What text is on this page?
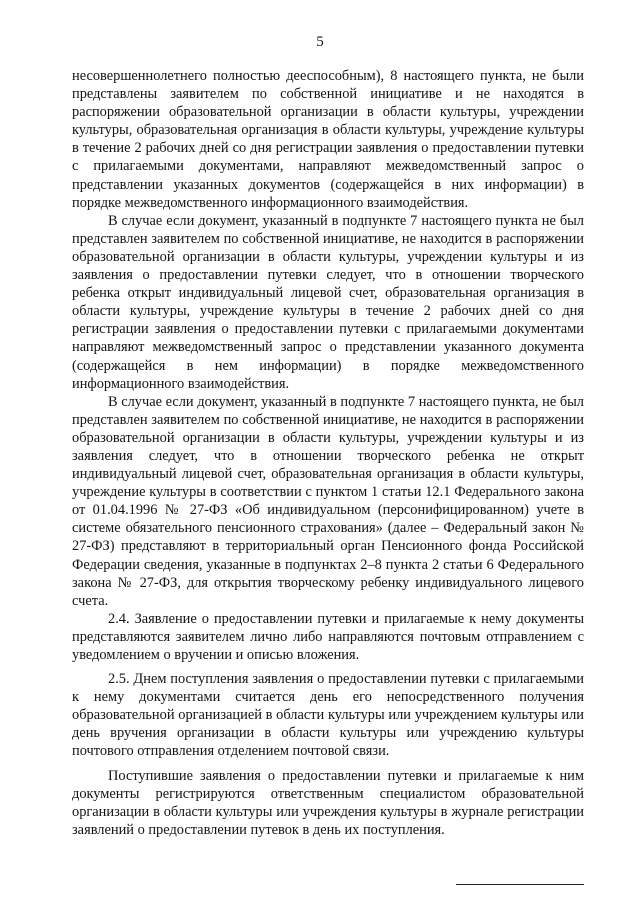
5

несовершеннолетнего полностью дееспособным), 8 настоящего пункта, не были представлены заявителем по собственной инициативе и не находятся в распоряжении образовательной организации в области культуры, учреждении культуры, образовательная организация в области культуры, учреждение культуры в течение 2 рабочих дней со дня регистрации заявления о предоставлении путевки с прилагаемыми документами, направляют межведомственный запрос о представлении указанных документов (содержащейся в них информации) в порядке межведомственного информационного взаимодействия.

В случае если документ, указанный в подпункте 7 настоящего пункта не был представлен заявителем по собственной инициативе, не находится в распоряжении образовательной организации в области культуры, учреждении культуры и из заявления о предоставлении путевки следует, что в отношении творческого ребенка открыт индивидуальный лицевой счет, образовательная организация в области культуры, учреждение культуры в течение 2 рабочих дней со дня регистрации заявления о предоставлении путевки с прилагаемыми документами направляют межведомственный запрос о представлении указанного документа (содержащейся в нем информации) в порядке межведомственного информационного взаимодействия.

В случае если документ, указанный в подпункте 7 настоящего пункта, не был представлен заявителем по собственной инициативе, не находится в распоряжении образовательной организации в области культуры, учреждении культуры и из заявления следует, что в отношении творческого ребенка не открыт индивидуальный лицевой счет, образовательная организация в области культуры, учреждение культуры в соответствии с пунктом 1 статьи 12.1 Федерального закона от 01.04.1996 № 27-ФЗ «Об индивидуальном (персонифицированном) учете в системе обязательного пенсионного страхования» (далее – Федеральный закон № 27-ФЗ) представляют в территориальный орган Пенсионного фонда Российской Федерации сведения, указанные в подпунктах 2–8 пункта 2 статьи 6 Федерального закона № 27-ФЗ, для открытия творческому ребенку индивидуального лицевого счета.

2.4. Заявление о предоставлении путевки и прилагаемые к нему документы представляются заявителем лично либо направляются почтовым отправлением с уведомлением о вручении и описью вложения.

2.5. Днем поступления заявления о предоставлении путевки с прилагаемыми к нему документами считается день его непосредственного получения образовательной организацией в области культуры или учреждением культуры или день вручения организации в области культуры или учреждению культуры почтового отправления отделением почтовой связи.

Поступившие заявления о предоставлении путевки и прилагаемые к ним документы регистрируются ответственным специалистом образовательной организации в области культуры или учреждения культуры в журнале регистрации заявлений о предоставлении путевок в день их поступления.
